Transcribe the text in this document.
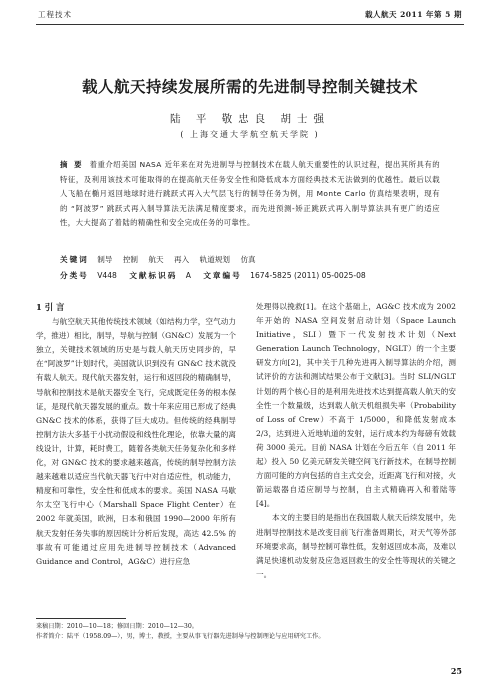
工程技术	载人航天 2011 年第 5 期
载人航天持续发展所需的先进制导控制关键技术
陆 平 敬忠良 胡士强
( 上海交通大学航空航天学院 )
摘 要 着重介绍美国 NASA 近年来在对先进制导与控制技术在载人航天重要性的认识过程，提出其所具有的特征，及利用该技术可能取得的在提高航天任务安全性和降低成本方面经典技术无法做到的优越性。最后以载人飞船在椭月返回地球时进行跳跃式再入大气层飞行的制导任务为例，用 Monte Carlo 仿真结果表明，现有的 “阿波罗” 跳跃式再入制导算法无法满足精度要求，而先进预测-矫正跳跃式再入制导算法具有更广的适应性，大大提高了着陆的精确性和安全完成任务的可靠性。
关键词 制导 控制 航天 再入 轨道规划 仿真
分类号 V448 文献标识码 A 文章编号 1674-5825 (2011) 05-0025-08
1 引 言

与航空航天其他传统技术领域（如结构力学，空气动力学，推进）相比，制导，导航与控制（GN&C）发展为一个独立，关键技术领域的历史是与载人航天历史同步的，早在“阿波罗”计划时代，美国就认识到没有 GN&C 技术就没有载人航天。现代航天器发射，运行和返回段的精确制导，导航和控制技术是航天器安全飞行，完成既定任务的根本保证，是现代航天器发展的重点。数十年来应用已形成了经典 GN&C 技术的体系，获得了巨大成功。但传统的经典制导控制方法大多基于小扰动假设和线性化理论，依靠大量的离线设计，计算，耗时费工，随着各类航天任务复杂化和多样化，对 GN&C 技术的要求越来越高，传统的制导控制方法越来越难以适应当代航天器飞行中对自适应性，机动能力，精度和可靠性，安全性和低成本的要求。美国 NASA 马歇尔太空飞行中心（Marshall Space Flight Center）在 2002 年就美国，欧洲，日本和俄国 1990—2000 年所有航天发射任务失事的原因统计分析后发现，高达 42.5% 的事故有可能通过应用先进制导控制技术（Advanced Guidance and Control，AG&C）进行应急

处理得以挽救[1]。在这个基础上，AG&C 技术成为 2002 年开始的 NASA 空间发射启动计划（Space Launch Initiative，SLI）暨下一代发射技术计划（Next Generation Launch Technology，NGLT）的一个主要研发方向[2]，其中关于几种先进再入制导算法的介绍，测试评价的方法和测试结果公布于文献[3]。当时 SLI/NGLT 计划的两个核心目的是利用先进技术达到提高载人航天的安全性一个数量级，达到载人航天机组损失率（Probability of Loss of Crew）不高于 1/5000，和降低发射成本 2/3，达到进入近地轨道的发射，运行成本约为每磅有效载荷 3000 美元。目前 NASA 计划在今后五年（自 2011 年起）投入 50 亿美元研发关键空间飞行新技术，在制导控制方面可能的方向包括的自主式交会，近距离飞行和对接，火箭运载器自适应制导与控制，自主式精确再入和着陆等[4]。

本文的主要目的是指出在我国载人航天后续发展中，先进制导控制技术是改变目前飞行准备周期长，对天气等外部环境要求高，制导控制可靠性低，发射返回成本高，及难以满足快速机动发射及应急返回救生的安全性等现状的关键之一。

来稿日期：2010—10—18；修回日期：2010—12—30。
作者简介：陆平（1958.09—），男，博士，教授，主要从事飞行器先进制导与控制理论与应用研究工作。
25
